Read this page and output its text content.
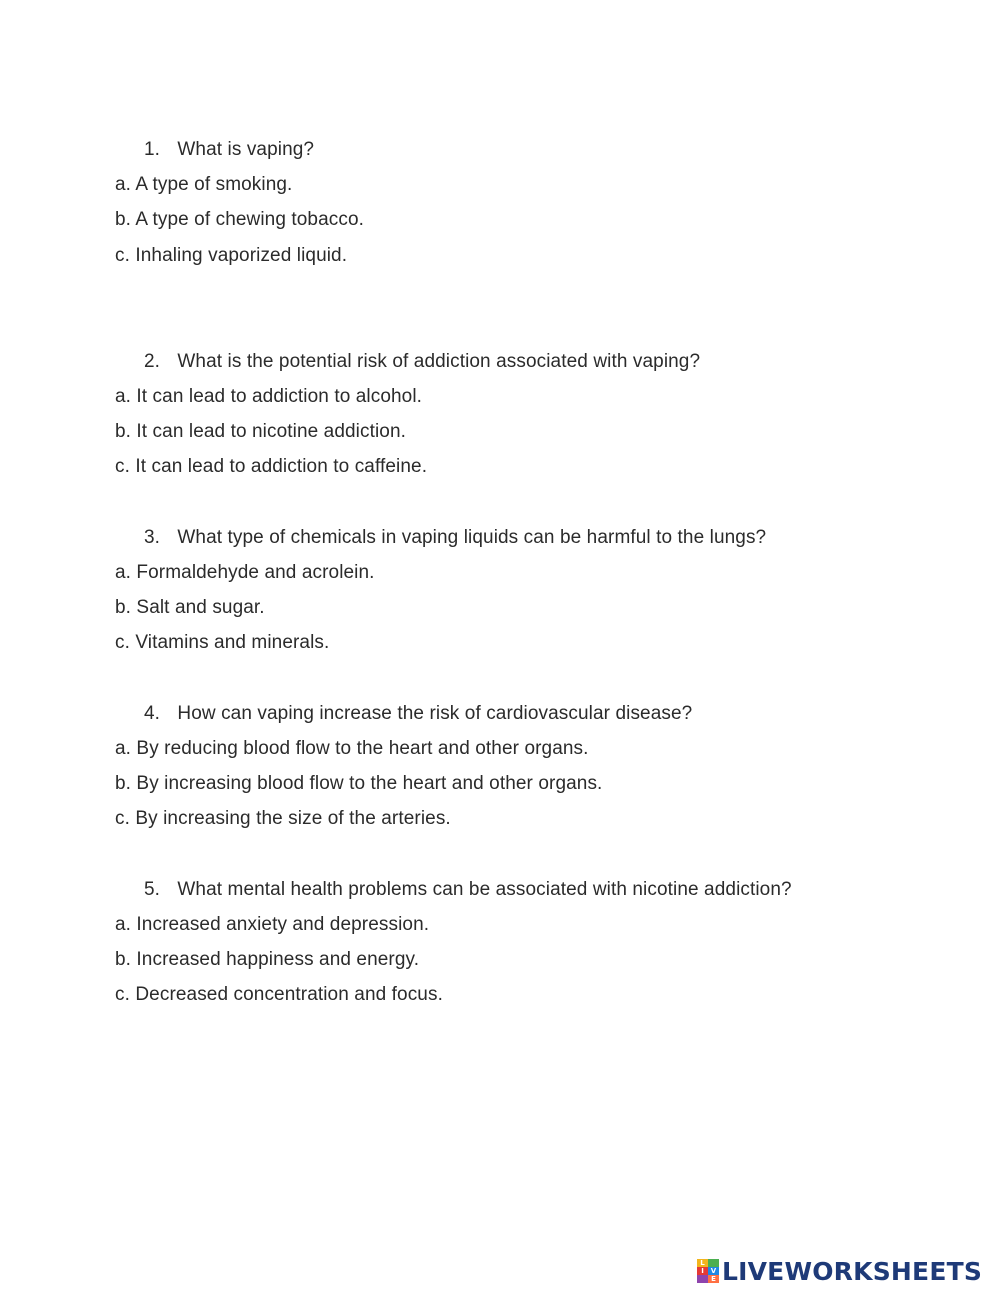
1. What is vaping?
a. A type of smoking.
b. A type of chewing tobacco.
c. Inhaling vaporized liquid.
2. What is the potential risk of addiction associated with vaping?
a. It can lead to addiction to alcohol.
b. It can lead to nicotine addiction.
c. It can lead to addiction to caffeine.
3. What type of chemicals in vaping liquids can be harmful to the lungs?
a. Formaldehyde and acrolein.
b. Salt and sugar.
c. Vitamins and minerals.
4. How can vaping increase the risk of cardiovascular disease?
a. By reducing blood flow to the heart and other organs.
b. By increasing blood flow to the heart and other organs.
c. By increasing the size of the arteries.
5. What mental health problems can be associated with nicotine addiction?
a. Increased anxiety and depression.
b. Increased happiness and energy.
c. Decreased concentration and focus.
L
I V
E LIVEWORKSHEETS
